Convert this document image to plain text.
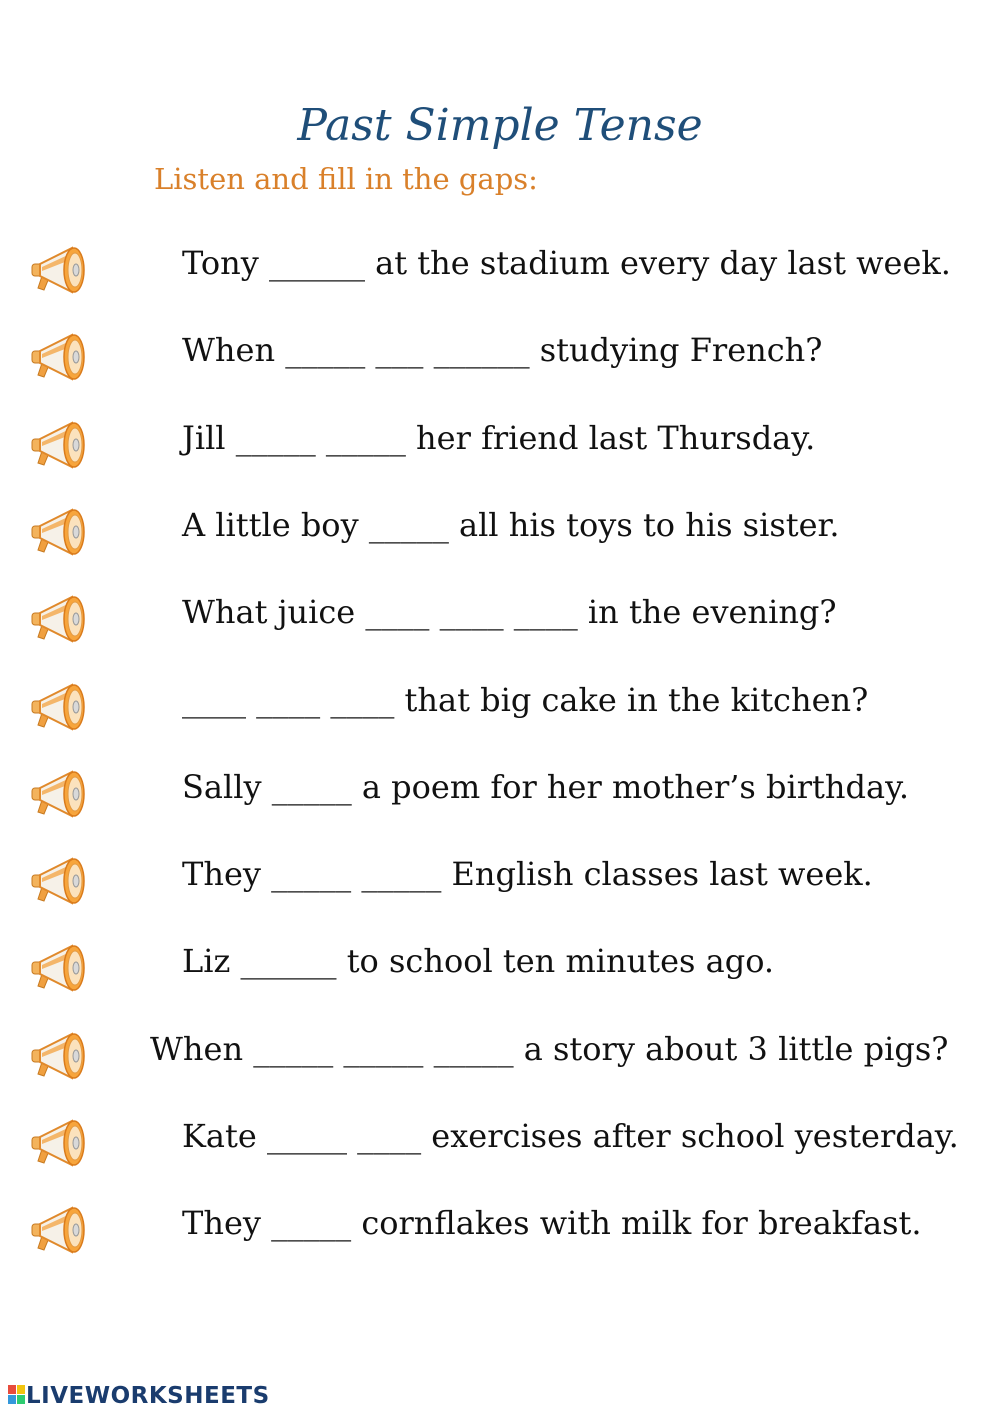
Past Simple Tense

Listen and fill in the gaps:

Tony ______ at the stadium every day last week.
When _____ ___ ______ studying French?
Jill _____ _____ her friend last Thursday.
A little boy _____ all his toys to his sister.
What juice ____ ____ ____ in the evening?
____ ____ ____ that big cake in the kitchen?
Sally _____ a poem for her mother’s birthday.
They _____ _____ English classes last week.
Liz ______ to school ten minutes ago.
When _____ _____ _____ a story about 3 little pigs?
Kate _____ ____ exercises after school yesterday.
They _____ cornflakes with milk for breakfast.
LIVEWORKSHEETS
